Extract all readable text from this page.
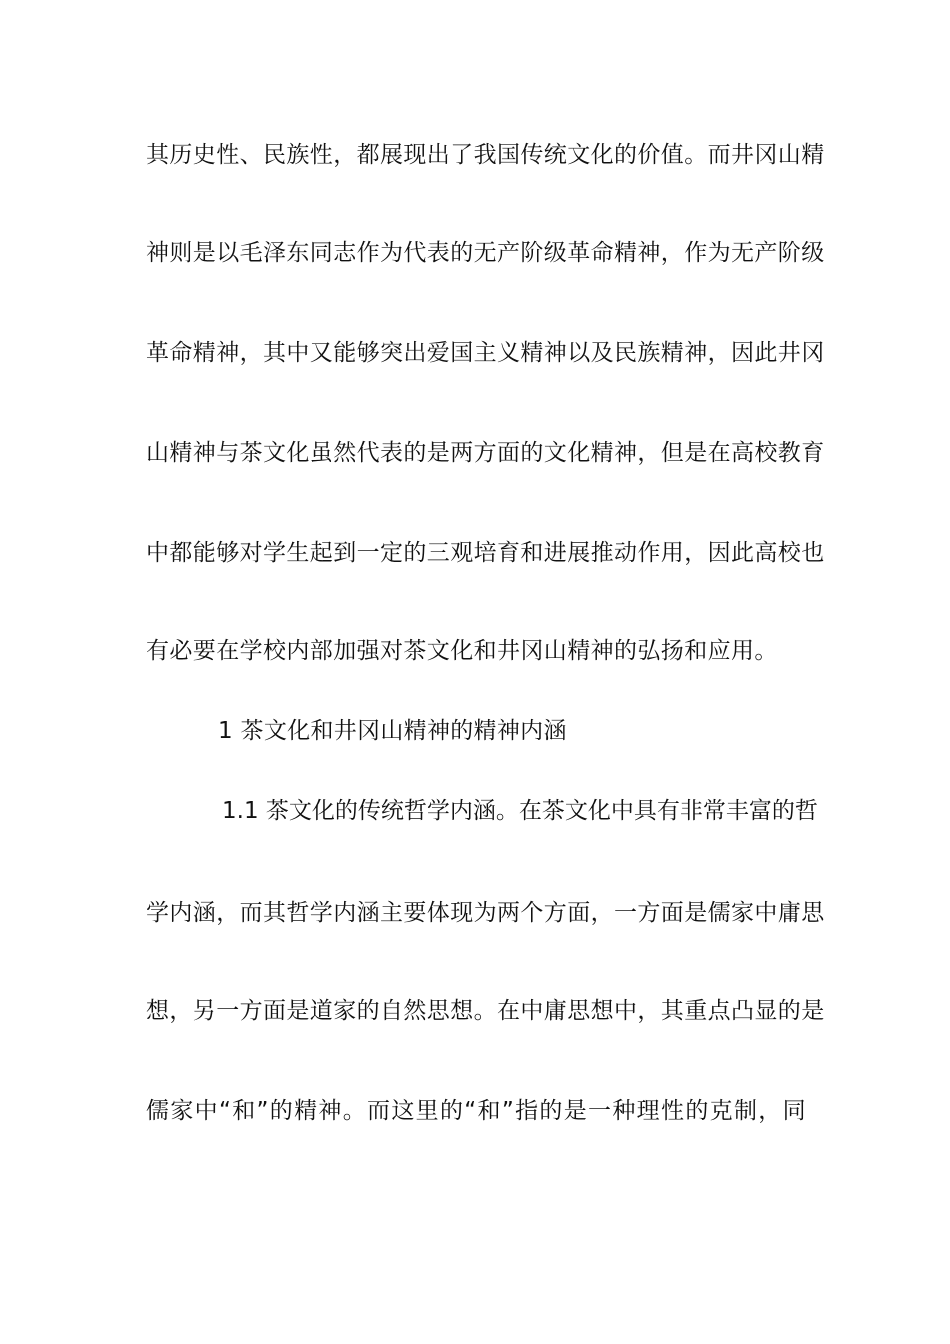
其历史性、民族性，都展现出了我国传统文化的价值。而井冈山精
神则是以毛泽东同志作为代表的无产阶级革命精神，作为无产阶级
革命精神，其中又能够突出爱国主义精神以及民族精神，因此井冈
山精神与茶文化虽然代表的是两方面的文化精神，但是在高校教育
中都能够对学生起到一定的三观培育和进展推动作用，因此高校也
有必要在学校内部加强对茶文化和井冈山精神的弘扬和应用。
1 茶文化和井冈山精神的精神内涵
1.1 茶文化的传统哲学内涵。在茶文化中具有非常丰富的哲
学内涵，而其哲学内涵主要体现为两个方面，一方面是儒家中庸思
想，另一方面是道家的自然思想。在中庸思想中，其重点凸显的是
儒家中“和”的精神。而这里的“和”指的是一种理性的克制，同
